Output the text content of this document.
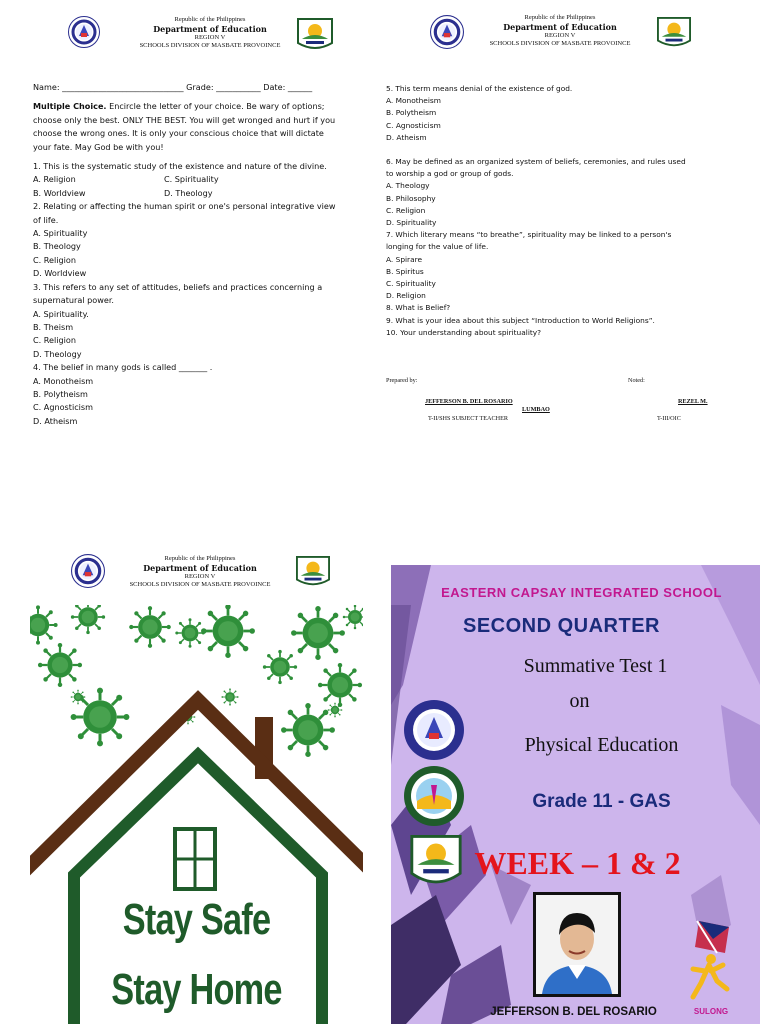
Republic of the Philippines
Department of Education
REGION V
SCHOOLS DIVISION OF MASBATE PROVOINCE
Name: ______________________________ Grade: ___________ Date: ______
Multiple Choice. Encircle the letter of your choice. Be wary of options;
choose only the best. ONLY THE BEST. You will get wronged and hurt if you
choose the wrong ones. It is only your conscious choice that will dictate
your fate. May God be with you!
1. This is the systematic study of the existence and nature of the divine.
A. Religion	C. Spirituality
B. Worldview	D. Theology
2. Relating or affecting the human spirit or one's personal integrative view
of life.
A. Spirituality
B. Theology
C. Religion
D. Worldview
3. This refers to any set of attitudes, beliefs and practices concerning a
supernatural power.
A. Spirituality.
B. Theism
C. Religion
D. Theology
4. The belief in many gods is called _______ .
A. Monotheism
B. Polytheism
C. Agnosticism
D. Atheism
Republic of the Philippines
Department of Education
REGION V
SCHOOLS DIVISION OF MASBATE PROVOINCE
5. This term means denial of the existence of god.
A. Monotheism
B. Polytheism
C. Agnosticism
D. Atheism
6. May be defined as an organized system of beliefs, ceremonies, and rules used
to worship a god or group of gods.
A. Theology
B. Philosophy
C. Religion
D. Spirituality
7. Which literary means “to breathe”, spirituality may be linked to a person's
longing for the value of life.
A. Spirare
B. Spiritus
C. Spirituality
D. Religion
8. What is Belief?
9. What is your idea about this subject “Introduction to World Religions”.
10. Your understanding about spirituality?
Prepared by:	Noted:
JEFFERSON B. DEL ROSARIO	REZEL M.
LUMBAO
T-II/SHS SUBJECT TEACHER	T-III/OIC
Republic of the Philippines
Department of Education
REGION V
SCHOOLS DIVISION OF MASBATE PROVOINCE
Stay Safe
Stay Home
EASTERN CAPSAY INTEGRATED SCHOOL
SECOND QUARTER
Summative Test 1
on
Physical Education
Grade 11 - GAS
WEEK – 1 & 2
JEFFERSON B. DEL ROSARIO	SULONG
